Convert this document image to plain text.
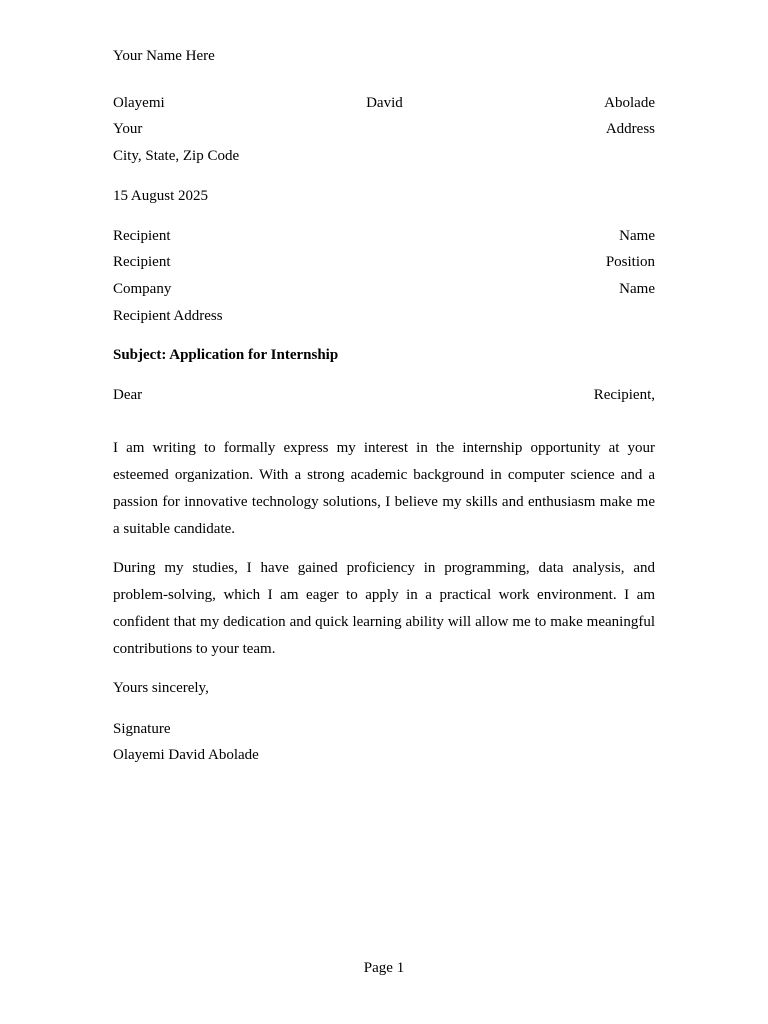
Your Name Here
Olayemi	David	Abolade
Your	Address
City, State, Zip Code
15 August 2025
Recipient	Name
Recipient	Position
Company	Name
Recipient Address
Subject: Application for Internship
Dear	Recipient,
I am writing to formally express my interest in the internship opportunity at your esteemed organization. With a strong academic background in computer science and a passion for innovative technology solutions, I believe my skills and enthusiasm make me a suitable candidate.
During my studies, I have gained proficiency in programming, data analysis, and problem-solving, which I am eager to apply in a practical work environment. I am confident that my dedication and quick learning ability will allow me to make meaningful contributions to your team.
Yours sincerely,
Signature
Olayemi David Abolade
Page 1
